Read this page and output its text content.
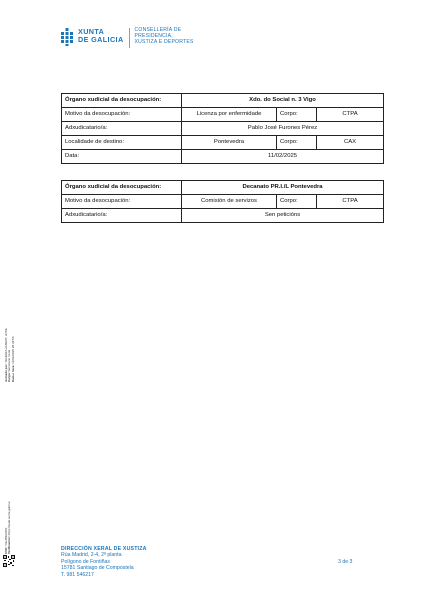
XUNTA
DE GALICIA
CONSELLERÍA DE
PRESIDENCIA,
XUSTIZA E DEPORTES
Órgano xudicial da desocupación:	Xdo. do Social n. 3 Vigo		
Motivo da desocupación:	Licenza por enfermidade	Corpo:	CTPA
Adxudicatario/a:	Pablo José Furones Pérez		
Localidade de destino:	Pontevedra	Corpo:	CAX
Data:	11/02/2025		
Órgano xudicial da desocupación:	Decanato PR.I./L Pontevedra		
Motivo da desocupación:	Comisión de servizos	Corpo:	CTPA
Adxudicatario/a:	Sen peticións		
Asinado por: TEIJEIRA ALBERT, JOSE
Cargo: Secretario Xeral
Data e hora: 11/02/2025 20:39:56
CVD: YIEJ6fECD51 Verificación: https://sede.xunta.gal/cve
DIRECCIÓN XERAL DE XUSTIZA
Rúa Madrid, 2-4, 2ª planta
Polígono de Fontiñas
15781 Santiago de Compostela
T. 981 546217
3 de 3
